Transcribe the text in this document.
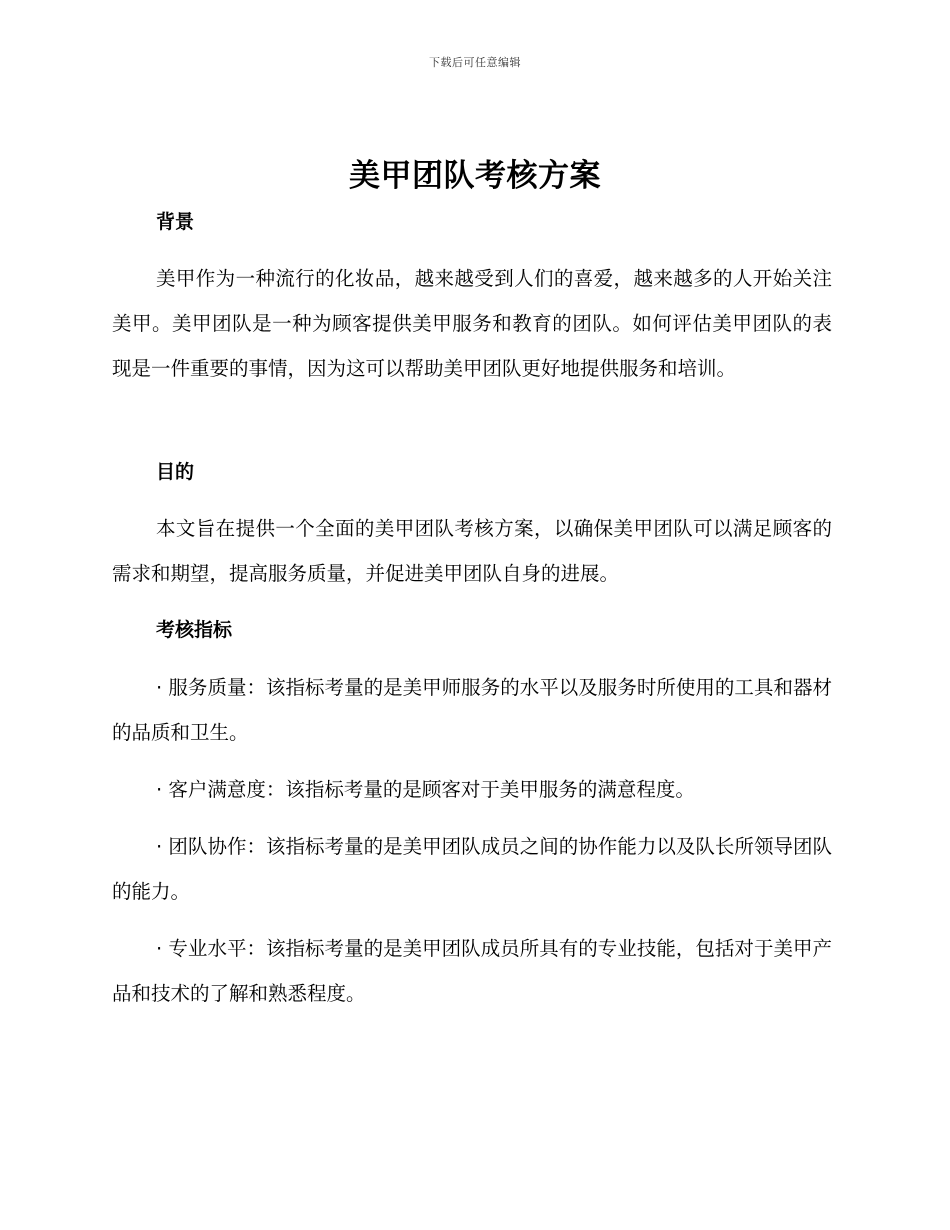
下载后可任意编辑
美甲团队考核方案
背景

美甲作为一种流行的化妆品，越来越受到人们的喜爱，越来越多的人开始关注美甲。美甲团队是一种为顾客提供美甲服务和教育的团队。如何评估美甲团队的表现是一件重要的事情，因为这可以帮助美甲团队更好地提供服务和培训。

目的

本文旨在提供一个全面的美甲团队考核方案，以确保美甲团队可以满足顾客的需求和期望，提高服务质量，并促进美甲团队自身的进展。

考核指标

· 服务质量：该指标考量的是美甲师服务的水平以及服务时所使用的工具和器材的品质和卫生。

· 客户满意度：该指标考量的是顾客对于美甲服务的满意程度。

· 团队协作：该指标考量的是美甲团队成员之间的协作能力以及队长所领导团队的能力。

· 专业水平：该指标考量的是美甲团队成员所具有的专业技能，包括对于美甲产品和技术的了解和熟悉程度。
